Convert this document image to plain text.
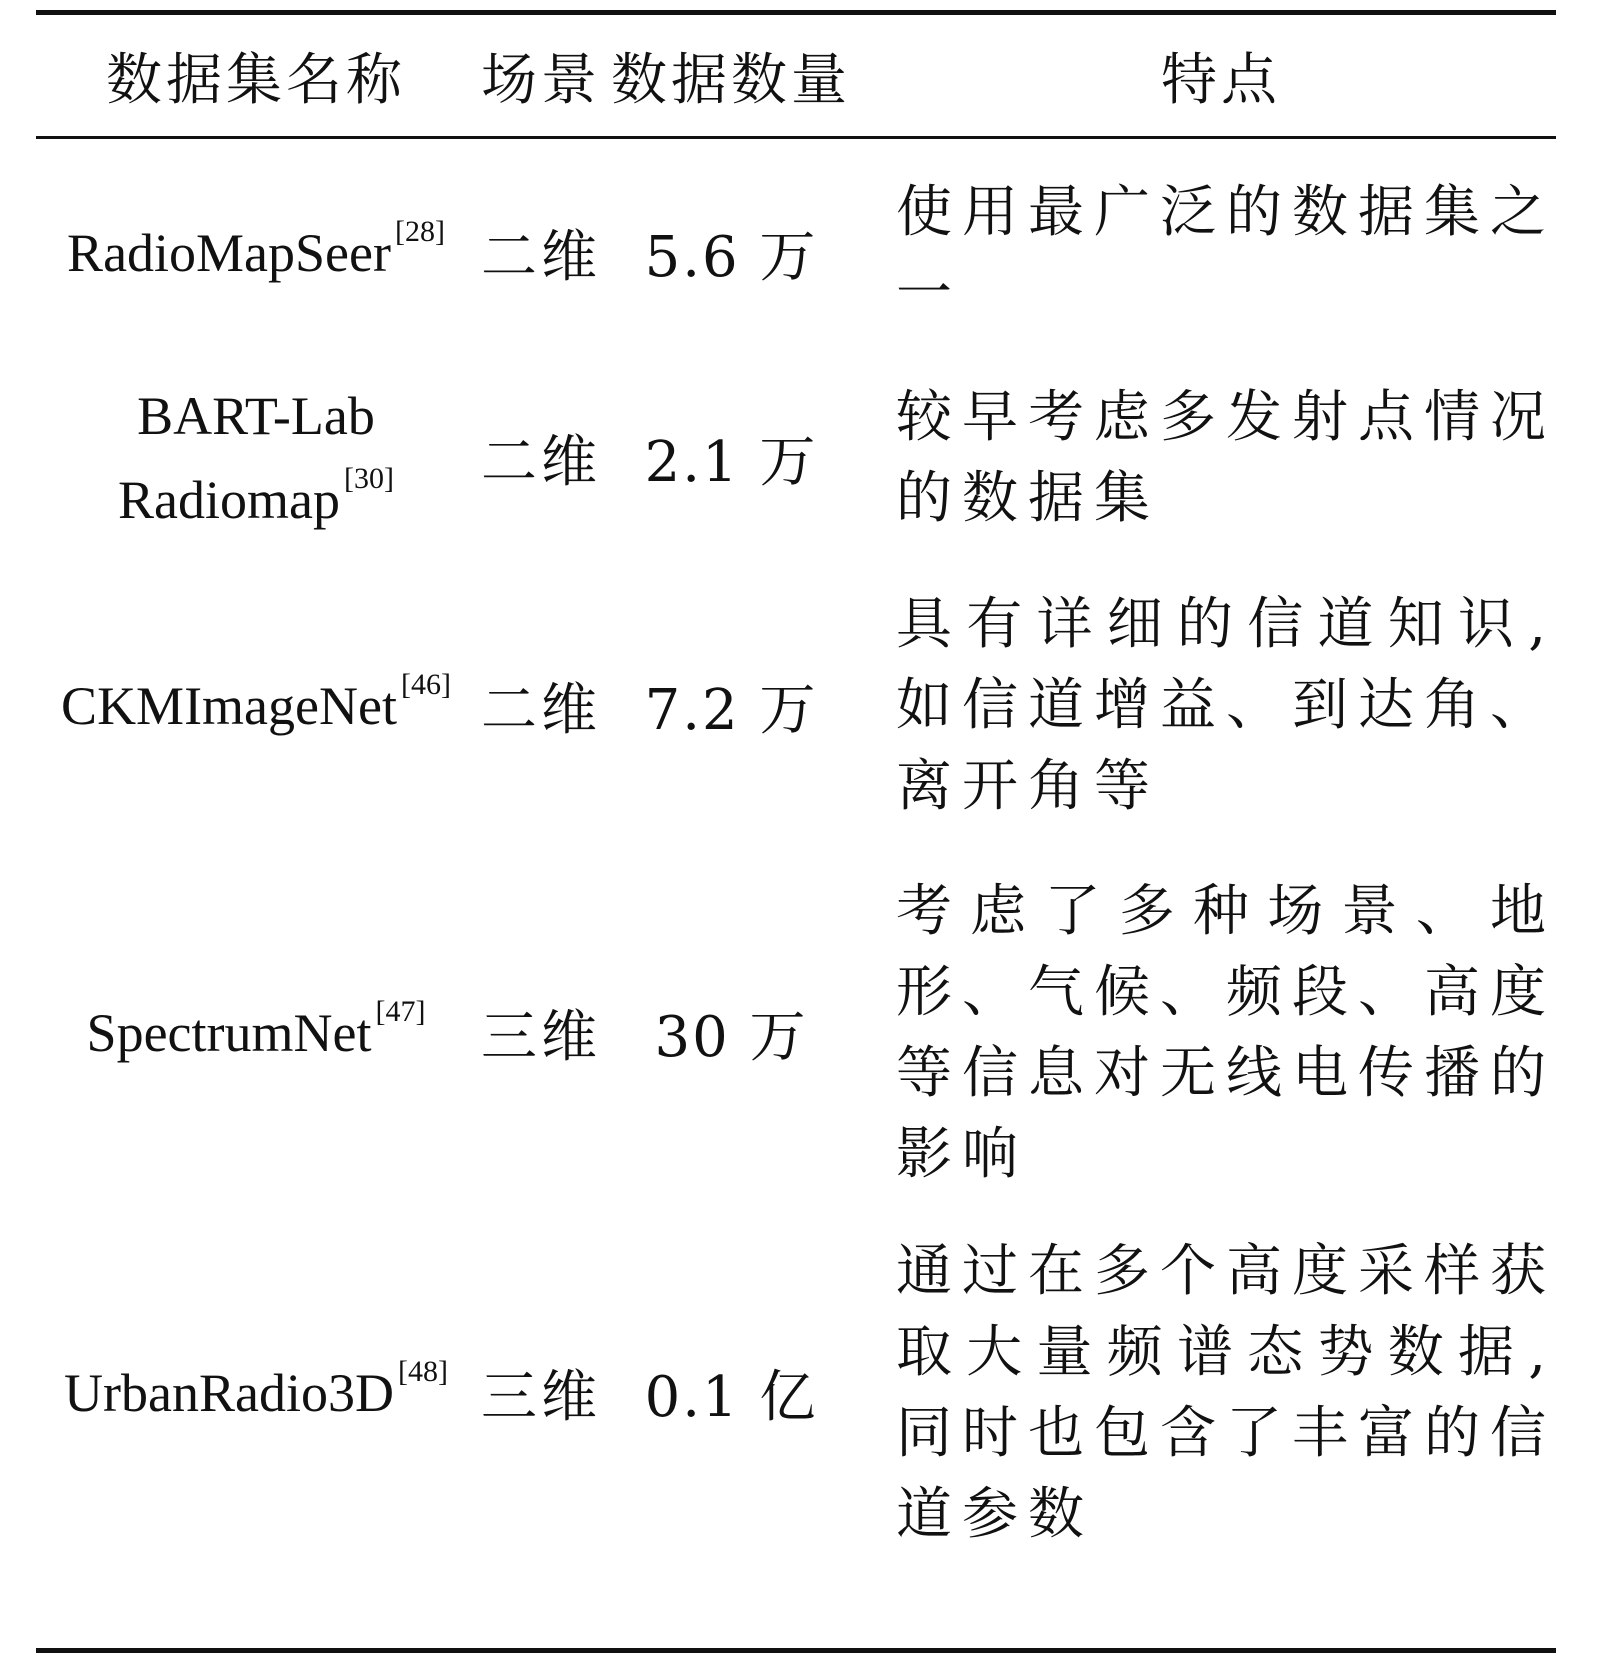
数据集名称	场景 数据数量	特点
RadioMapSeer [28] 二维 5.6 万
使用最广泛的数据集之一
BART-Lab
Radiomap [30] 二维 2.1 万
较早考虑多发射点情况的数据集
CKMImageNet [46] 二维 7.2 万
具有详细的信道知识,如信道增益、到达角、离开角等
SpectrumNet [47] 三维 30 万
考虑了多种场景、地形、气候、频段、高度等信息对无线电传播的影响
UrbanRadio3D [48] 三维 0.1 亿
通过在多个高度采样获取大量频谱态势数据,同时也包含了丰富的信道参数
